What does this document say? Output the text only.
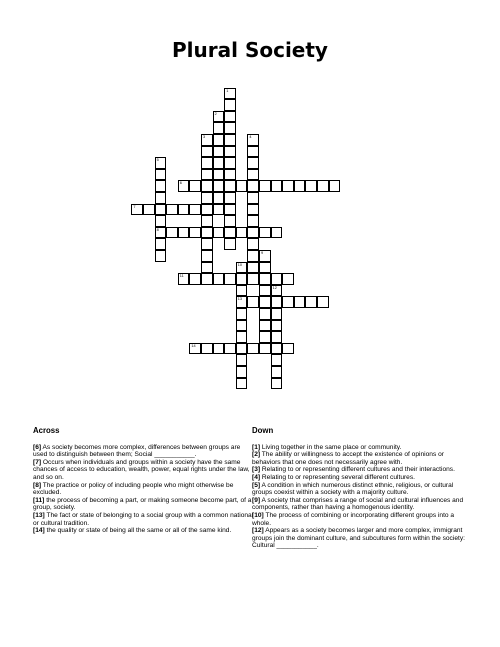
Plural Society
1
2
3	4
5
8
6
7
9
10
13
11
12
14
Across
[6] As society becomes more complex, differences between groups are used to distinguish between them; Social ___________.
[7] Occurs when individuals and groups within a society have the same chances of access to education, wealth, power, equal rights under the law, and so on.
[8] The practice or policy of including people who might otherwise be excluded.
[11] the process of becoming a part, or making someone become part, of a group, society.
[13] The fact or state of belonging to a social group with a common national or cultural tradition.
[14] the quality or state of being all the same or all of the same kind.
Down
[1] Living together in the same place or community.
[2] The ability or willingness to accept the existence of opinions or behaviors that one does not necessarily agree with.
[3] Relating to or representing different cultures and their interactions.
[4] Relating to or representing several different cultures.
[5] A condition in which numerous distinct ethnic, religious, or cultural groups coexist within a society with a majority culture.
[9] A society that comprises a range of social and cultural influences and components, rather than having a homogenous identity.
[10] The process of combining or incorporating different groups into a whole.
[12] Appears as a society becomes larger and more complex, immigrant groups join the dominant culture, and subcultures form within the society: Cultural ___________.
